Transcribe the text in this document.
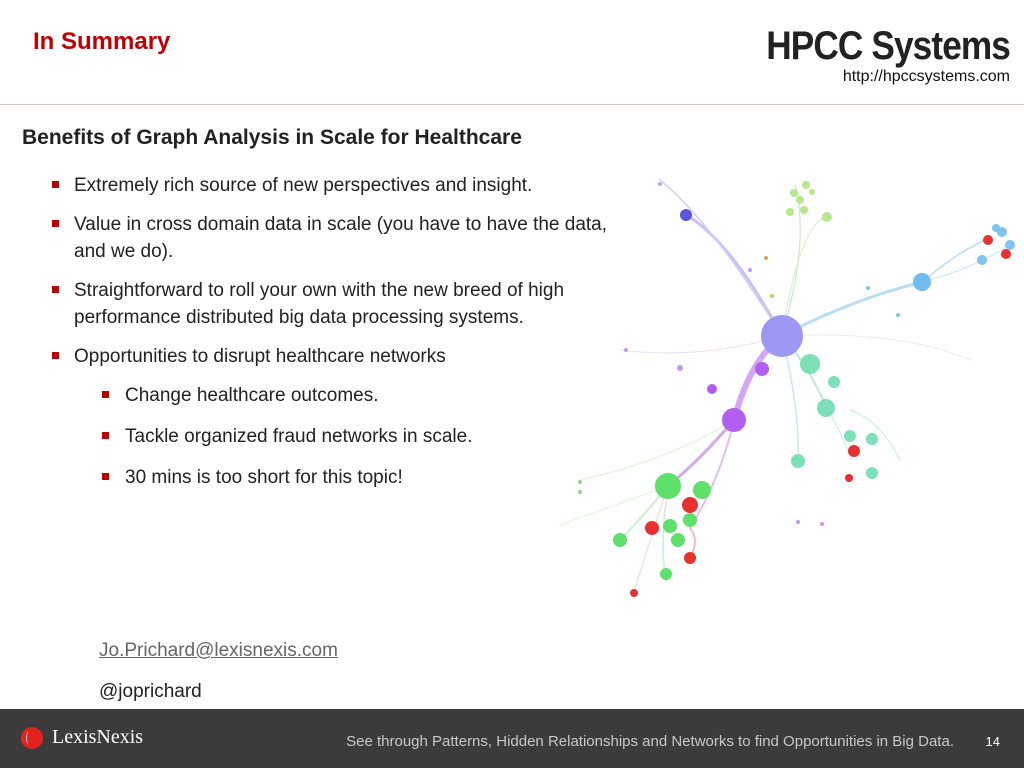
In Summary	HPCC Systems
http://hpccsystems.com
Benefits of Graph Analysis in Scale for Healthcare
Extremely rich source of new perspectives and insight.
Value in cross domain data in scale (you have to have the data, and we do).
Straightforward to roll your own with the new breed of high performance distributed big data processing systems.
Opportunities to disrupt healthcare networks
Change healthcare outcomes.
Tackle organized fraud networks in scale.
30 mins is too short for this topic!
Jo.Prichard@lexisnexis.com
@joprichard
LexisNexis	See through Patterns, Hidden Relationships and Networks to find Opportunities in Big Data. 14
